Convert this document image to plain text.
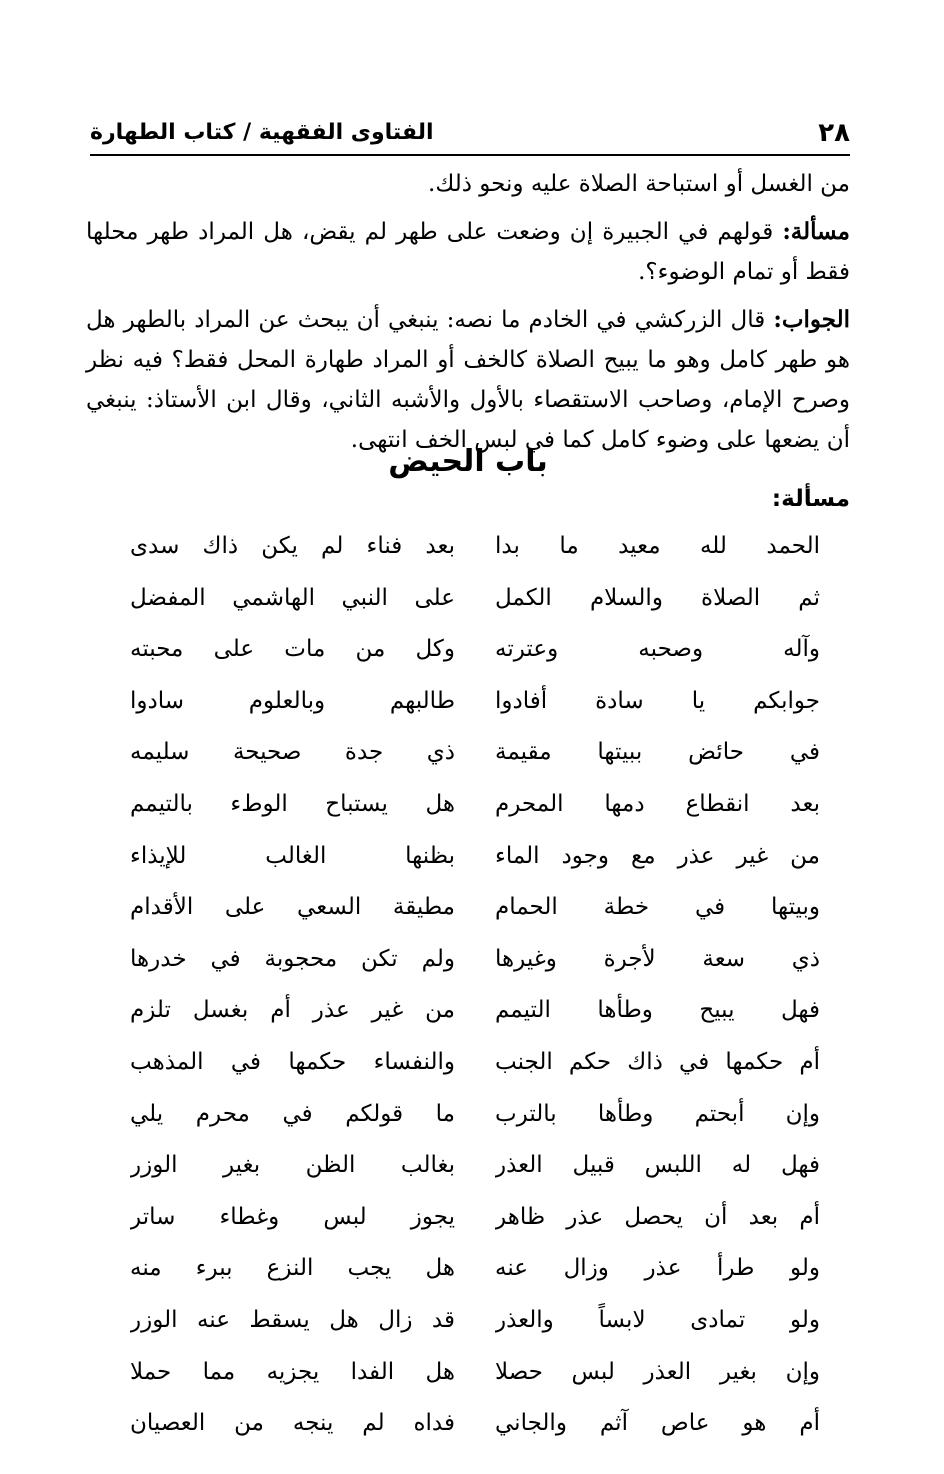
٢٨
الفتاوى الفقهية / كتاب الطهارة

من الغسل أو استباحة الصلاة عليه ونحو ذلك.

مسألة: قولهم في الجبيرة إن وضعت على طهر لم يقض، هل المراد طهر محلها فقط أو تمام الوضوء؟.

الجواب: قال الزركشي في الخادم ما نصه: ينبغي أن يبحث عن المراد بالطهر هل هو طهر كامل وهو ما يبيح الصلاة كالخف أو المراد طهارة المحل فقط؟ فيه نظر وصرح الإمام، وصاحب الاستقصاء بالأول والأشبه الثاني، وقال ابن الأستاذ: ينبغي أن يضعها على وضوء كامل كما في لبس الخف انتهى.

باب الحيض
مسألة:
الحمد لله معيد ما بدا
بعد فناء لم يكن ذاك سدى
ثم الصلاة والسلام الكمل
على النبي الهاشمي المفضل
وآله وصحبه وعترته
وكل من مات على محبته
جوابكم يا سادة أفادوا
طالبهم وبالعلوم سادوا
في حائض ببيتها مقيمة
ذي جدة صحيحة سليمه
بعد انقطاع دمها المحرم
هل يستباح الوطء بالتيمم
من غير عذر مع وجود الماء
بظنها الغالب للإيذاء
وبيتها في خطة الحمام
مطيقة السعي على الأقدام
ذي سعة لأجرة وغيرها
ولم تكن محجوبة في خدرها
فهل يبيح وطأها التيمم
من غير عذر أم بغسل تلزم
أم حكمها في ذاك حكم الجنب
والنفساء حكمها في المذهب
وإن أبحتم وطأها بالترب
ما قولكم في محرم يلي
فهل له اللبس قبيل العذر
بغالب الظن بغير الوزر
أم بعد أن يحصل عذر ظاهر
يجوز لبس وغطاء ساتر
ولو طرأ عذر وزال عنه
هل يجب النزع ببرء منه
ولو تمادى لابساً والعذر
قد زال هل يسقط عنه الوزر
وإن بغير العذر لبس حصلا
هل الفدا يجزيه مما حملا
أم هو عاص آثم والجاني
فداه لم ينجه من العصيان
